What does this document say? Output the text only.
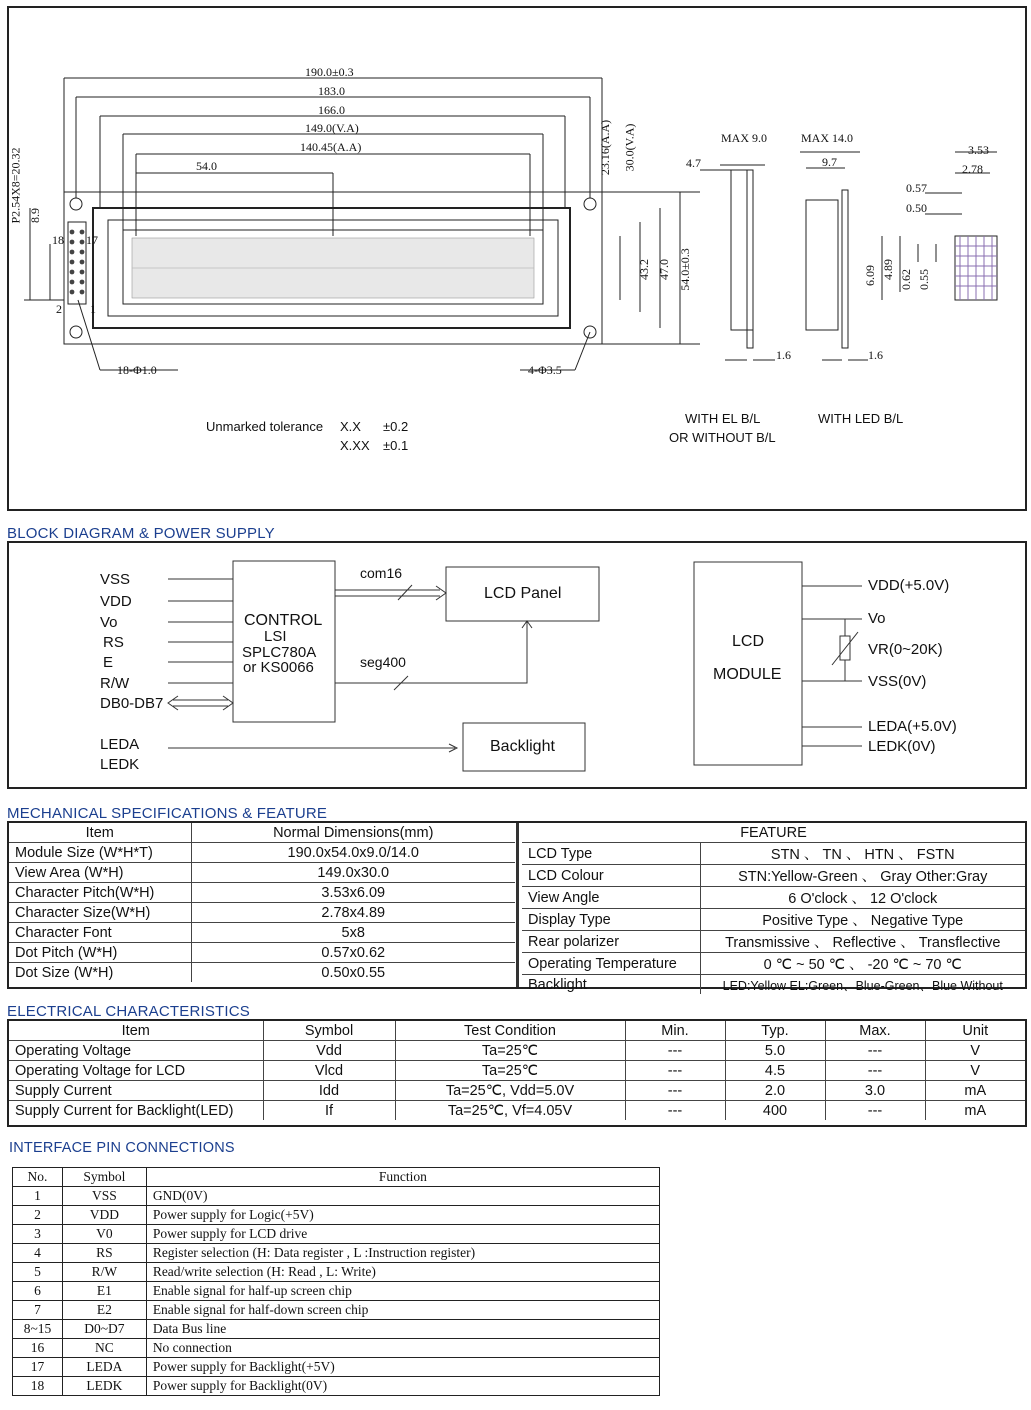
190.0±0.3
183.0
166.0
149.0(V.A)
140.45(A.A)
54.0
P2.54X8=20.32 8.9
18 17
2 1
18-Φ1.0	4-Φ3.5
23.16(A.A) 30.0(V.A)
43.2 47.0 54.0±0.3
4.7
MAX 9.0	MAX 14.0
9.7
1.6	1.6
3.53
2.78
0.57
0.50
6.09 4.89 0.62 0.55
Unmarked tolerance X.X ±0.2
X.XX ±0.1
WITH EL B/L
OR WITHOUT B/L
WITH LED B/L
BLOCK DIAGRAM & POWER SUPPLY
VSS
VDD
Vo
RS
E
R/W
DB0-DB7
CONTROL
LSI
SPLC780A
or KS0066
com16
seg400
LCD Panel
Backlight
LEDA
LEDK
LCD
MODULE
VDD(+5.0V)
Vo
VR(0~20K)
VSS(0V)
LEDA(+5.0V)
LEDK(0V)
MECHANICAL SPECIFICATIONS & FEATURE
Item	Normal Dimensions(mm)
Module Size (W*H*T)	190.0x54.0x9.0/14.0
View Area (W*H)	149.0x30.0
Character Pitch(W*H)	3.53x6.09
Character Size(W*H)	2.78x4.89
Character Font	5x8
Dot Pitch (W*H)	0.57x0.62
Dot Size (W*H)	0.50x0.55
FEATURE	
LCD Type	STN 、 TN 、 HTN 、 FSTN
LCD Colour	STN:Yellow-Green 、 Gray Other:Gray
View Angle	6 O'clock 、 12 O'clock
Display Type	Positive Type 、 Negative Type
Rear polarizer	Transmissive 、 Reflective 、 Transflective
Operating Temperature	0 ℃ ~ 50 ℃ 、 -20 ℃ ~ 70 ℃
Backlight	LED:Yellow EL:Green、Blue-Green、Blue Without
ELECTRICAL CHARACTERISTICS
Item	Symbol	Test Condition	Min.	Typ.	Max.	Unit
Operating Voltage	Vdd	Ta=25℃	---	5.0	---	V
Operating Voltage for LCD	Vlcd	Ta=25℃	---	4.5	---	V
Supply Current	Idd	Ta=25℃, Vdd=5.0V	---	2.0	3.0	mA
Supply Current for Backlight(LED)	If	Ta=25℃, Vf=4.05V	---	400	---	mA
INTERFACE PIN CONNECTIONS
No.	Symbol	Function
1	VSS	GND(0V)
2	VDD	Power supply for Logic(+5V)
3	V0	Power supply for LCD drive
4	RS	Register selection (H: Data register , L :Instruction register)
5	R/W	Read/write selection (H: Read , L: Write)
6	E1	Enable signal for half-up screen chip
7	E2	Enable signal for half-down screen chip
8~15	D0~D7	Data Bus line
16	NC	No connection
17	LEDA	Power supply for Backlight(+5V)
18	LEDK	Power supply for Backlight(0V)
